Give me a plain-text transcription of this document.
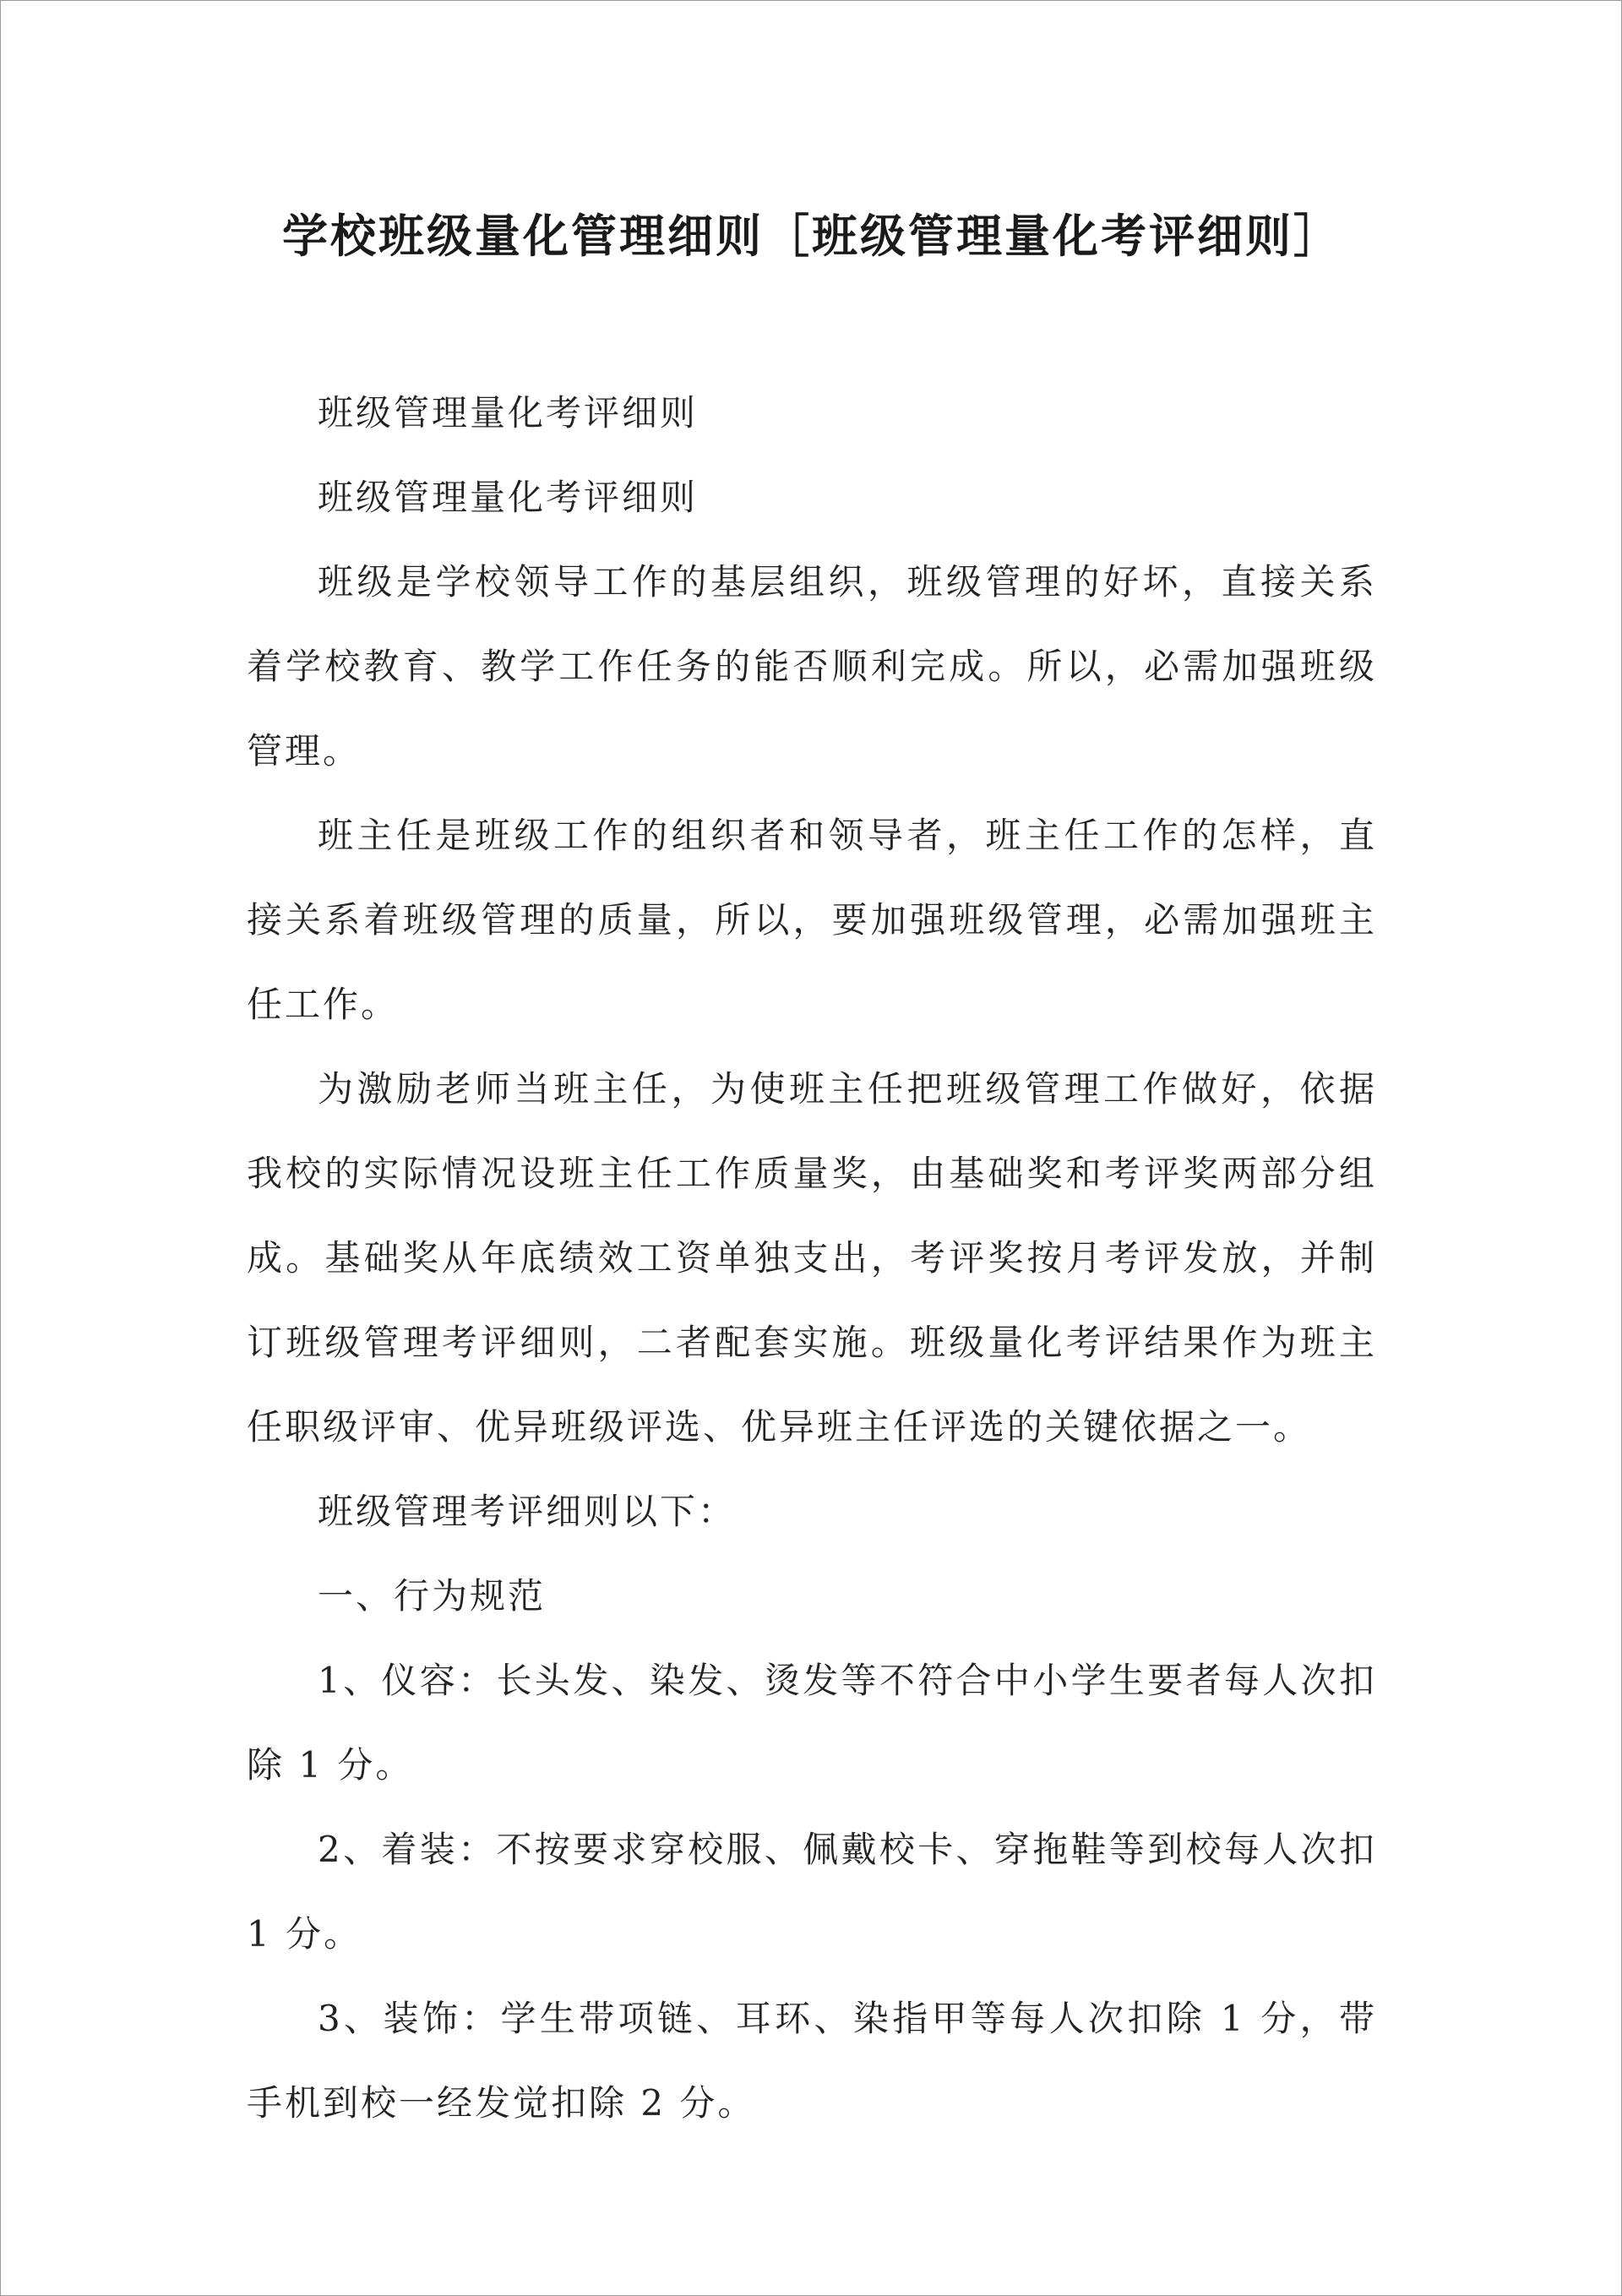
学校班级量化管理细则［班级管理量化考评细则］

班级管理量化考评细则

班级管理量化考评细则

班级是学校领导工作的基层组织，班级管理的好坏，直接关系着学校教育、教学工作任务的能否顺利完成。所以，必需加强班级管理。

班主任是班级工作的组织者和领导者，班主任工作的怎样，直接关系着班级管理的质量，所以，要加强班级管理，必需加强班主任工作。

为激励老师当班主任，为使班主任把班级管理工作做好，依据我校的实际情况设班主任工作质量奖，由基础奖和考评奖两部分组成。基础奖从年底绩效工资单独支出，考评奖按月考评发放，并制订班级管理考评细则，二者配套实施。班级量化考评结果作为班主任职级评审、优异班级评选、优异班主任评选的关键依据之一。

班级管理考评细则以下：

一、行为规范

1、仪容：长头发、染发、烫发等不符合中小学生要者每人次扣除 1 分。

2、着装：不按要求穿校服、佩戴校卡、穿拖鞋等到校每人次扣 1 分。

3、装饰：学生带项链、耳环、染指甲等每人次扣除 1 分，带手机到校一经发觉扣除 2 分。
